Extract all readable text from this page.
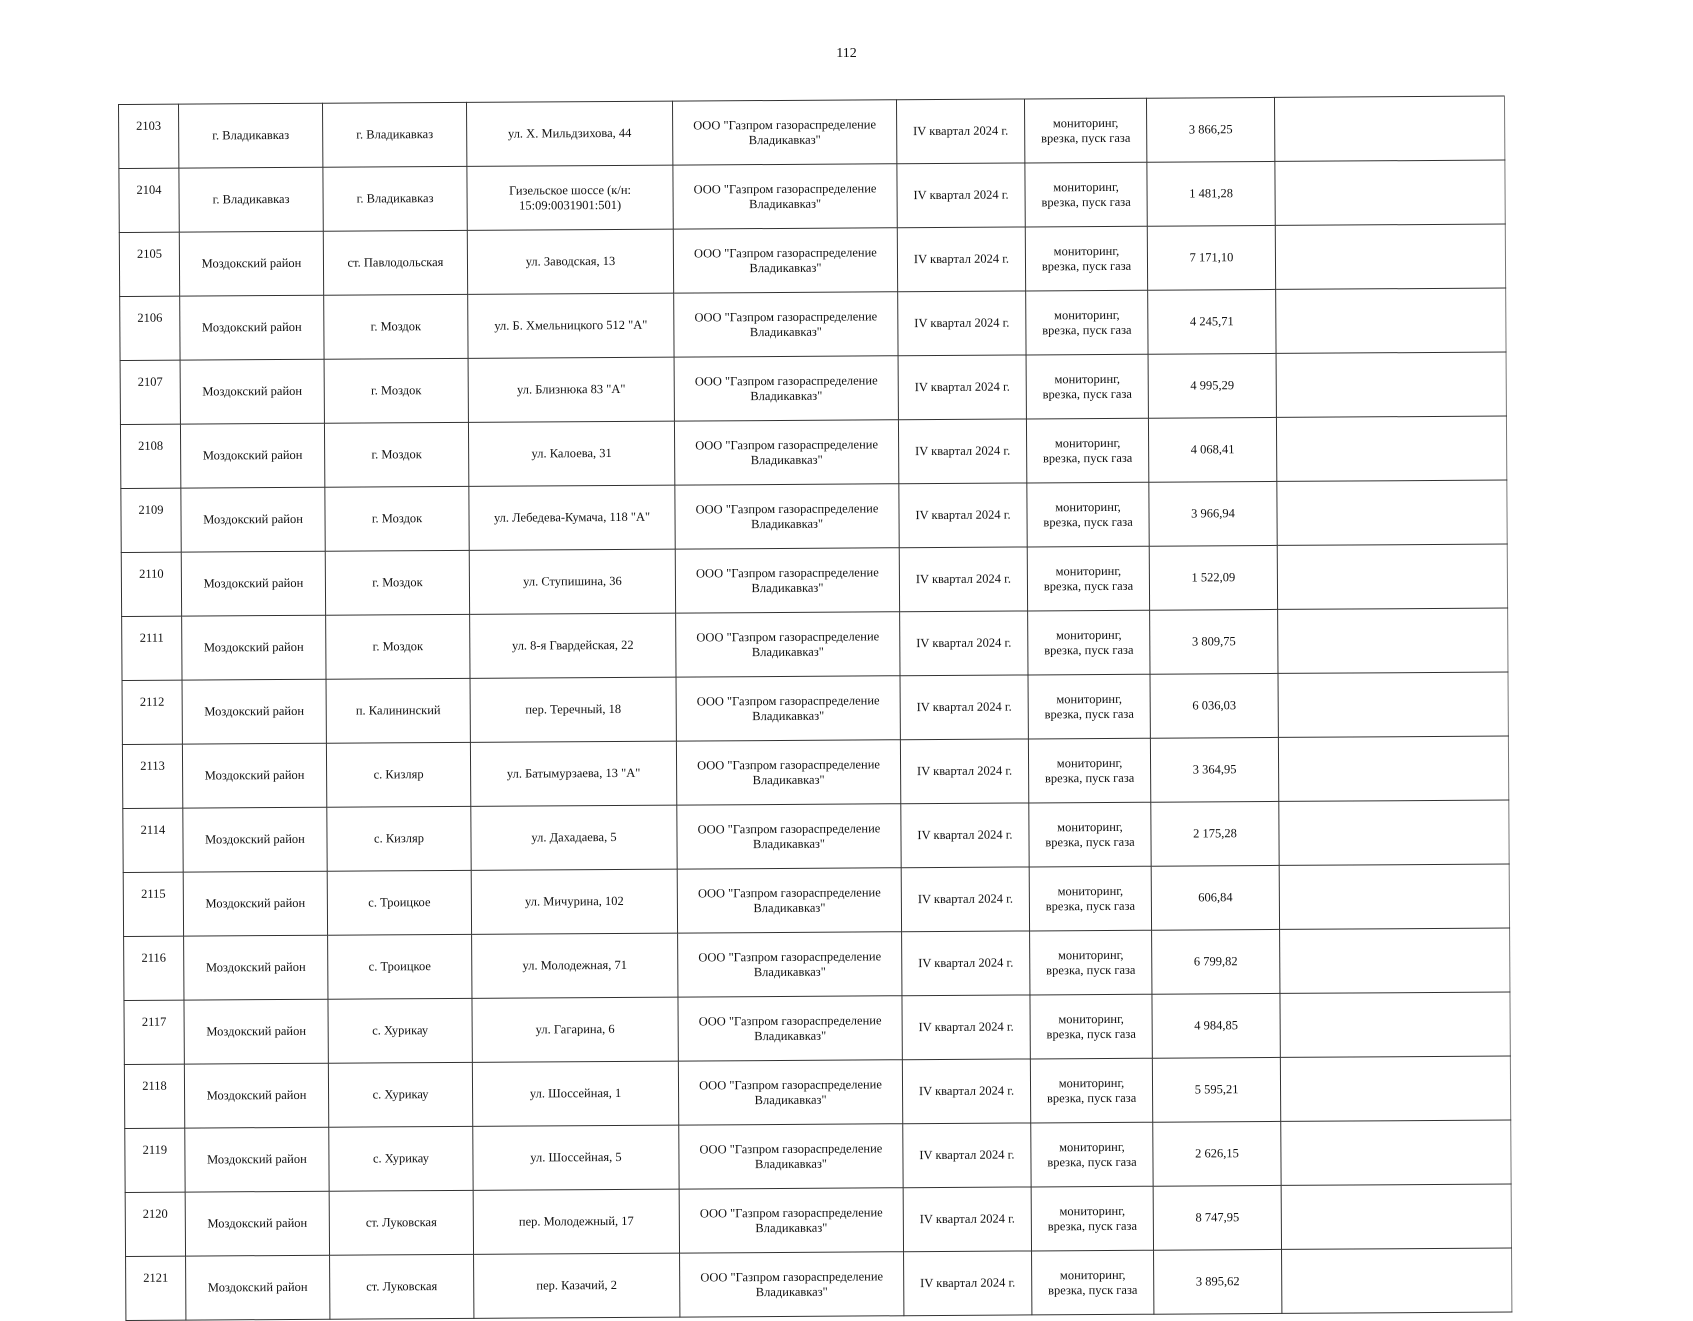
112
2103	г. Владикавказ	г. Владикавказ	ул. Х. Мильдзихова, 44	ООО "Газпром газораспределение
Владикавказ"	IV квартал 2024 г.	мониторинг,
врезка, пуск газа	3 866,25	
2104	г. Владикавказ	г. Владикавказ	Гизельское шоссе (к/н: 15:09:0031901:501)	ООО "Газпром газораспределение
Владикавказ"	IV квартал 2024 г.	мониторинг,
врезка, пуск газа	1 481,28	
2105	Моздокский район	ст. Павлодольская	ул. Заводская, 13	ООО "Газпром газораспределение
Владикавказ"	IV квартал 2024 г.	мониторинг,
врезка, пуск газа	7 171,10	
2106	Моздокский район	г. Моздок	ул. Б. Хмельницкого 512 "А"	ООО "Газпром газораспределение
Владикавказ"	IV квартал 2024 г.	мониторинг,
врезка, пуск газа	4 245,71	
2107	Моздокский район	г. Моздок	ул. Близнюка 83 "А"	ООО "Газпром газораспределение
Владикавказ"	IV квартал 2024 г.	мониторинг,
врезка, пуск газа	4 995,29	
2108	Моздокский район	г. Моздок	ул. Калоева, 31	ООО "Газпром газораспределение
Владикавказ"	IV квартал 2024 г.	мониторинг,
врезка, пуск газа	4 068,41	
2109	Моздокский район	г. Моздок	ул. Лебедева-Кумача, 118 "А"	ООО "Газпром газораспределение
Владикавказ"	IV квартал 2024 г.	мониторинг,
врезка, пуск газа	3 966,94	
2110	Моздокский район	г. Моздок	ул. Ступишина, 36	ООО "Газпром газораспределение
Владикавказ"	IV квартал 2024 г.	мониторинг,
врезка, пуск газа	1 522,09	
2111	Моздокский район	г. Моздок	ул. 8-я Гвардейская, 22	ООО "Газпром газораспределение
Владикавказ"	IV квартал 2024 г.	мониторинг,
врезка, пуск газа	3 809,75	
2112	Моздокский район	п. Калининский	пер. Теречный, 18	ООО "Газпром газораспределение
Владикавказ"	IV квартал 2024 г.	мониторинг,
врезка, пуск газа	6 036,03	
2113	Моздокский район	с. Кизляр	ул. Батымурзаева, 13 "А"	ООО "Газпром газораспределение
Владикавказ"	IV квартал 2024 г.	мониторинг,
врезка, пуск газа	3 364,95	
2114	Моздокский район	с. Кизляр	ул. Дахадаева, 5	ООО "Газпром газораспределение
Владикавказ"	IV квартал 2024 г.	мониторинг,
врезка, пуск газа	2 175,28	
2115	Моздокский район	с. Троицкое	ул. Мичурина, 102	ООО "Газпром газораспределение
Владикавказ"	IV квартал 2024 г.	мониторинг,
врезка, пуск газа	606,84	
2116	Моздокский район	с. Троицкое	ул. Молодежная, 71	ООО "Газпром газораспределение
Владикавказ"	IV квартал 2024 г.	мониторинг,
врезка, пуск газа	6 799,82	
2117	Моздокский район	с. Хурикау	ул. Гагарина, 6	ООО "Газпром газораспределение
Владикавказ"	IV квартал 2024 г.	мониторинг,
врезка, пуск газа	4 984,85	
2118	Моздокский район	с. Хурикау	ул. Шоссейная, 1	ООО "Газпром газораспределение
Владикавказ"	IV квартал 2024 г.	мониторинг,
врезка, пуск газа	5 595,21	
2119	Моздокский район	с. Хурикау	ул. Шоссейная, 5	ООО "Газпром газораспределение
Владикавказ"	IV квартал 2024 г.	мониторинг,
врезка, пуск газа	2 626,15	
2120	Моздокский район	ст. Луковская	пер. Молодежный, 17	ООО "Газпром газораспределение
Владикавказ"	IV квартал 2024 г.	мониторинг,
врезка, пуск газа	8 747,95	
2121	Моздокский район	ст. Луковская	пер. Казачий, 2	ООО "Газпром газораспределение
Владикавказ"	IV квартал 2024 г.	мониторинг,
врезка, пуск газа	3 895,62	
